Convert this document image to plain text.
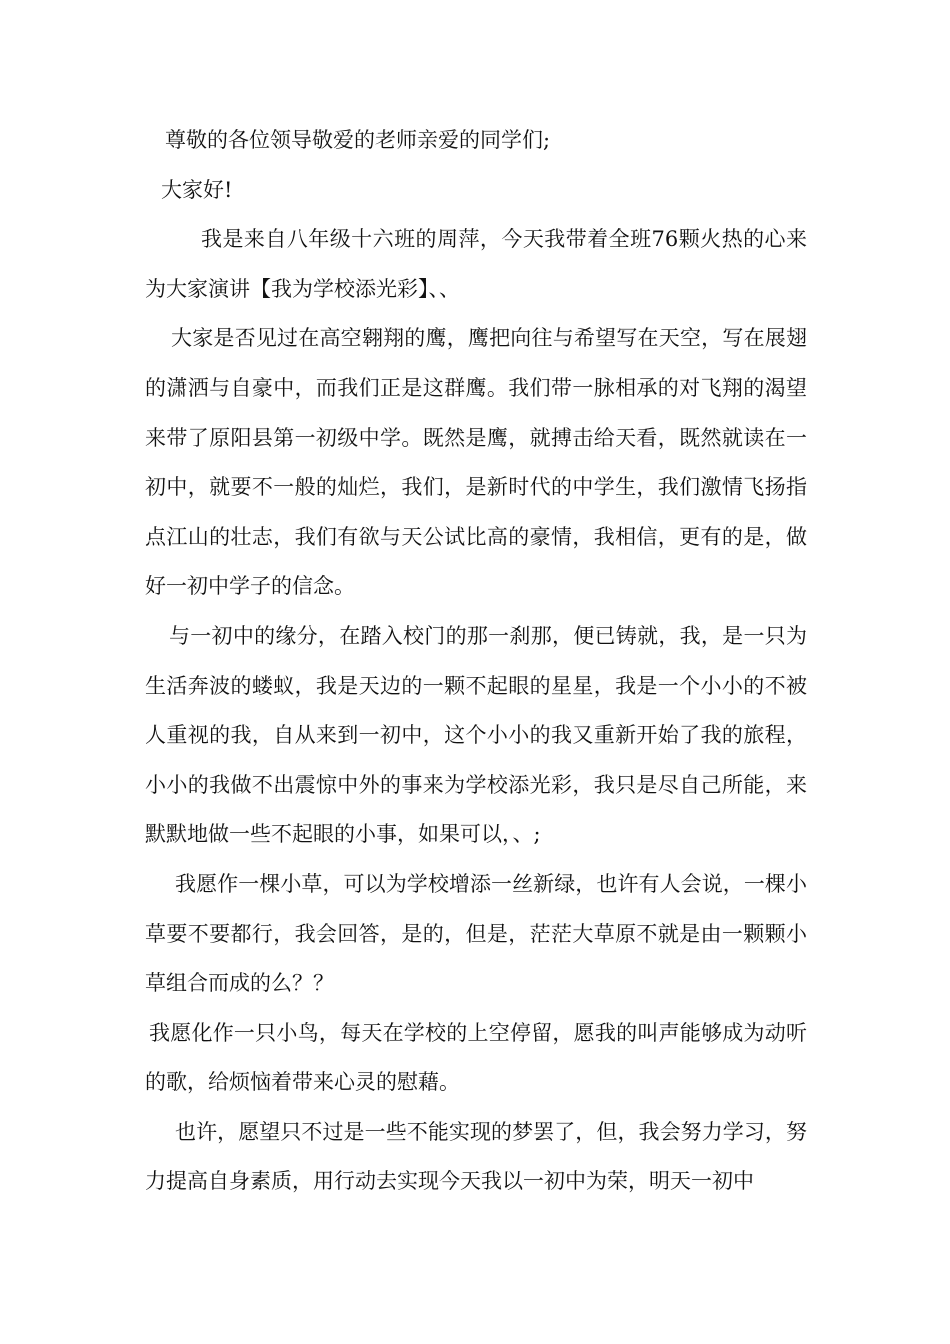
尊敬的各位领导敬爱的老师亲爱的同学们;

大家好!

我是来自八年级十六班的周萍，今天我带着全班76颗火热的心来为大家演讲【我为学校添光彩】、、

大家是否见过在高空翱翔的鹰，鹰把向往与希望写在天空，写在展翅的潇洒与自豪中，而我们正是这群鹰。我们带一脉相承的对飞翔的渴望来带了原阳县第一初级中学。既然是鹰，就搏击给天看，既然就读在一初中，就要不一般的灿烂，我们，是新时代的中学生，我们激情飞扬指点江山的壮志，我们有欲与天公试比高的豪情，我相信，更有的是，做好一初中学子的信念。

与一初中的缘分，在踏入校门的那一刹那，便已铸就，我，是一只为生活奔波的蝼蚁，我是天边的一颗不起眼的星星，我是一个小小的不被人重视的我，自从来到一初中，这个小小的我又重新开始了我的旅程，小小的我做不出震惊中外的事来为学校添光彩，我只是尽自己所能，来默默地做一些不起眼的小事，如果可以，、;

我愿作一棵小草，可以为学校增添一丝新绿，也许有人会说，一棵小草要不要都行，我会回答，是的，但是，茫茫大草原不就是由一颗颗小草组合而成的么？？

我愿化作一只小鸟，每天在学校的上空停留，愿我的叫声能够成为动听的歌，给烦恼着带来心灵的慰藉。

也许，愿望只不过是一些不能实现的梦罢了，但，我会努力学习，努力提高自身素质，用行动去实现今天我以一初中为荣，明天一初中
